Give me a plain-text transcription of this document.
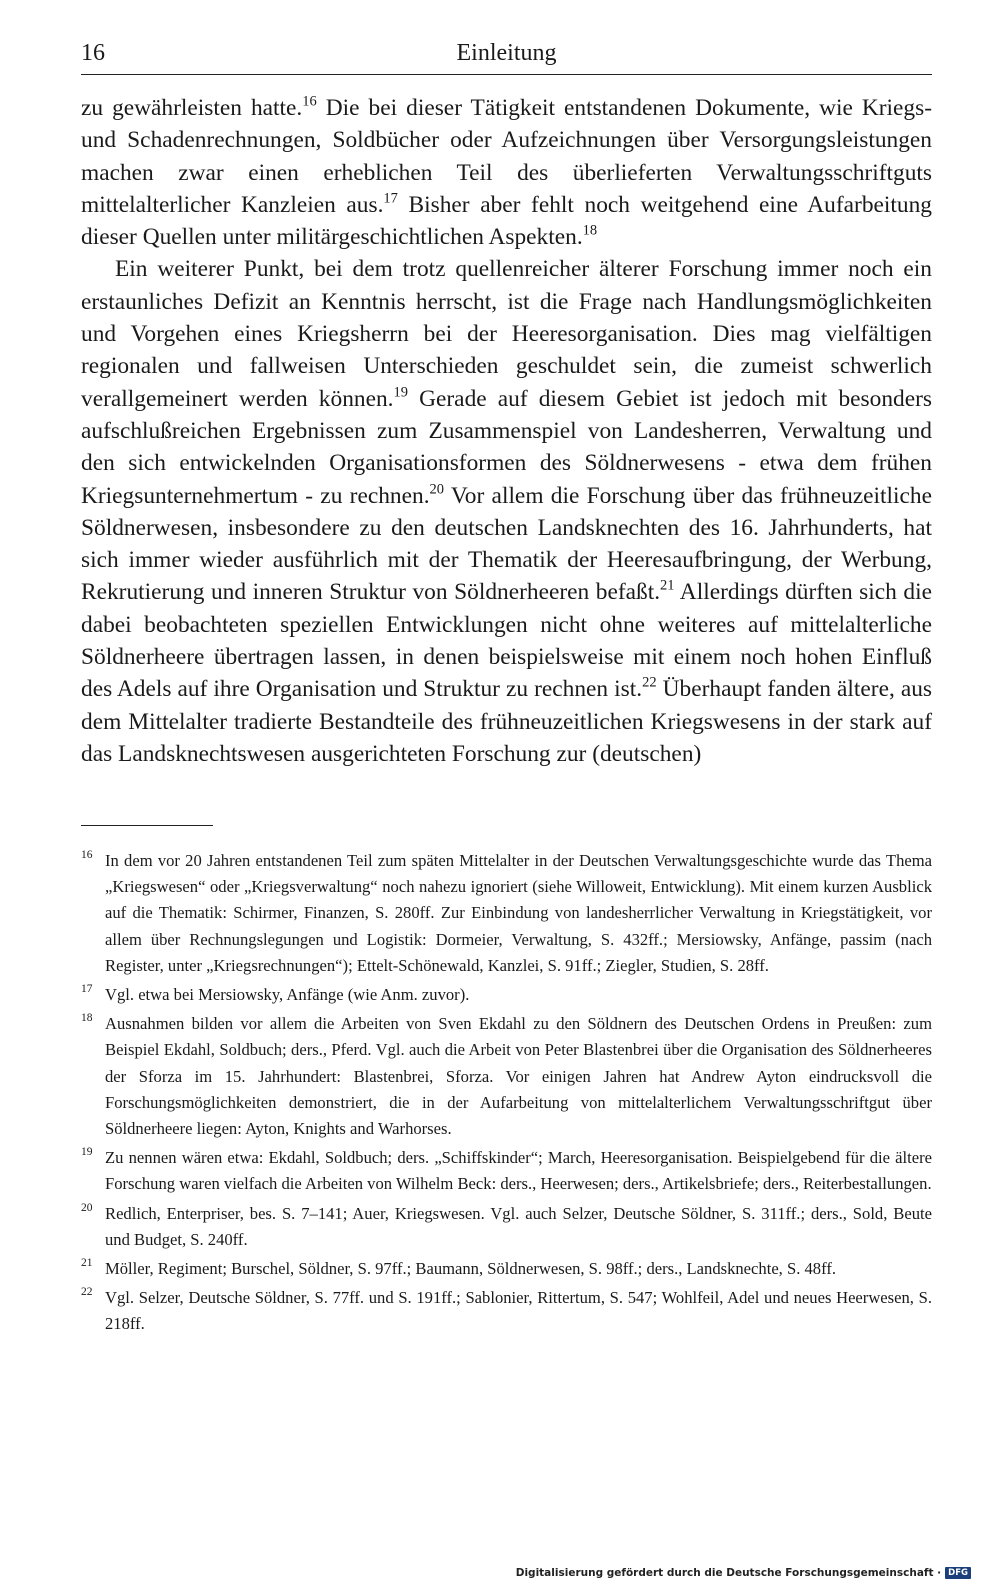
16	Einleitung

zu gewährleisten hatte.$^{16}$ Die bei dieser Tätigkeit entstandenen Dokumente, wie Kriegs- und Schadenrechnungen, Soldbücher oder Aufzeichnungen über Versorgungsleistungen machen zwar einen erheblichen Teil des überlieferten Verwaltungsschriftguts mittelalterlicher Kanzleien aus.$^{17}$ Bisher aber fehlt noch weitgehend eine Aufarbeitung dieser Quellen unter militärgeschichtlichen Aspekten.$^{18}$

Ein weiterer Punkt, bei dem trotz quellenreicher älterer Forschung immer noch ein erstaunliches Defizit an Kenntnis herrscht, ist die Frage nach Handlungsmöglichkeiten und Vorgehen eines Kriegsherrn bei der Heeresorganisation. Dies mag vielfältigen regionalen und fallweisen Unterschieden geschuldet sein, die zumeist schwerlich verallgemeinert werden können.$^{19}$ Gerade auf diesem Gebiet ist jedoch mit besonders aufschlußreichen Ergebnissen zum Zusammenspiel von Landesherren, Verwaltung und den sich entwickelnden Organisationsformen des Söldnerwesens - etwa dem frühen Kriegsunternehmertum - zu rechnen.$^{20}$ Vor allem die Forschung über das frühneuzeitliche Söldnerwesen, insbesondere zu den deutschen Landsknechten des 16. Jahrhunderts, hat sich immer wieder ausführlich mit der Thematik der Heeresaufbringung, der Werbung, Rekrutierung und inneren Struktur von Söldnerheeren befaßt.$^{21}$ Allerdings dürften sich die dabei beobachteten speziellen Entwicklungen nicht ohne weiteres auf mittelalterliche Söldnerheere übertragen lassen, in denen beispielsweise mit einem noch hohen Einfluß des Adels auf ihre Organisation und Struktur zu rechnen ist.$^{22}$ Überhaupt fanden ältere, aus dem Mittelalter tradierte Bestandteile des frühneuzeitlichen Kriegswesens in der stark auf das Landsknechtswesen ausgerichteten Forschung zur (deutschen)

16 In dem vor 20 Jahren entstandenen Teil zum späten Mittelalter in der Deutschen Verwaltungsgeschichte wurde das Thema „Kriegswesen“ oder „Kriegsverwaltung“ noch nahezu ignoriert (siehe Willoweit, Entwicklung). Mit einem kurzen Ausblick auf die Thematik: Schirmer, Finanzen, S. 280ff. Zur Einbindung von landesherrlicher Verwaltung in Kriegstätigkeit, vor allem über Rechnungslegungen und Logistik: Dormeier, Verwaltung, S. 432ff.; Mersiowsky, Anfänge, passim (nach Register, unter „Kriegsrechnungen“); Ettelt-Schönewald, Kanzlei, S. 91ff.; Ziegler, Studien, S. 28ff.
17 Vgl. etwa bei Mersiowsky, Anfänge (wie Anm. zuvor).
18 Ausnahmen bilden vor allem die Arbeiten von Sven Ekdahl zu den Söldnern des Deutschen Ordens in Preußen: zum Beispiel Ekdahl, Soldbuch; ders., Pferd. Vgl. auch die Arbeit von Peter Blastenbrei über die Organisation des Söldnerheeres der Sforza im 15. Jahrhundert: Blastenbrei, Sforza. Vor einigen Jahren hat Andrew Ayton eindrucksvoll die Forschungsmöglichkeiten demonstriert, die in der Aufarbeitung von mittelalterlichem Verwaltungsschriftgut über Söldnerheere liegen: Ayton, Knights and Warhorses.
19 Zu nennen wären etwa: Ekdahl, Soldbuch; ders. „Schiffskinder“; March, Heeresorganisation. Beispielgebend für die ältere Forschung waren vielfach die Arbeiten von Wilhelm Beck: ders., Heerwesen; ders., Artikelsbriefe; ders., Reiterbestallungen.
20 Redlich, Enterpriser, bes. S. 7–141; Auer, Kriegswesen. Vgl. auch Selzer, Deutsche Söldner, S. 311ff.; ders., Sold, Beute und Budget, S. 240ff.
21 Möller, Regiment; Burschel, Söldner, S. 97ff.; Baumann, Söldnerwesen, S. 98ff.; ders., Landsknechte, S. 48ff.
22 Vgl. Selzer, Deutsche Söldner, S. 77ff. und S. 191ff.; Sablonier, Rittertum, S. 547; Wohlfeil, Adel und neues Heerwesen, S. 218ff.
Digitalisierung gefördert durch die Deutsche Forschungsgemeinschaft · DFG
